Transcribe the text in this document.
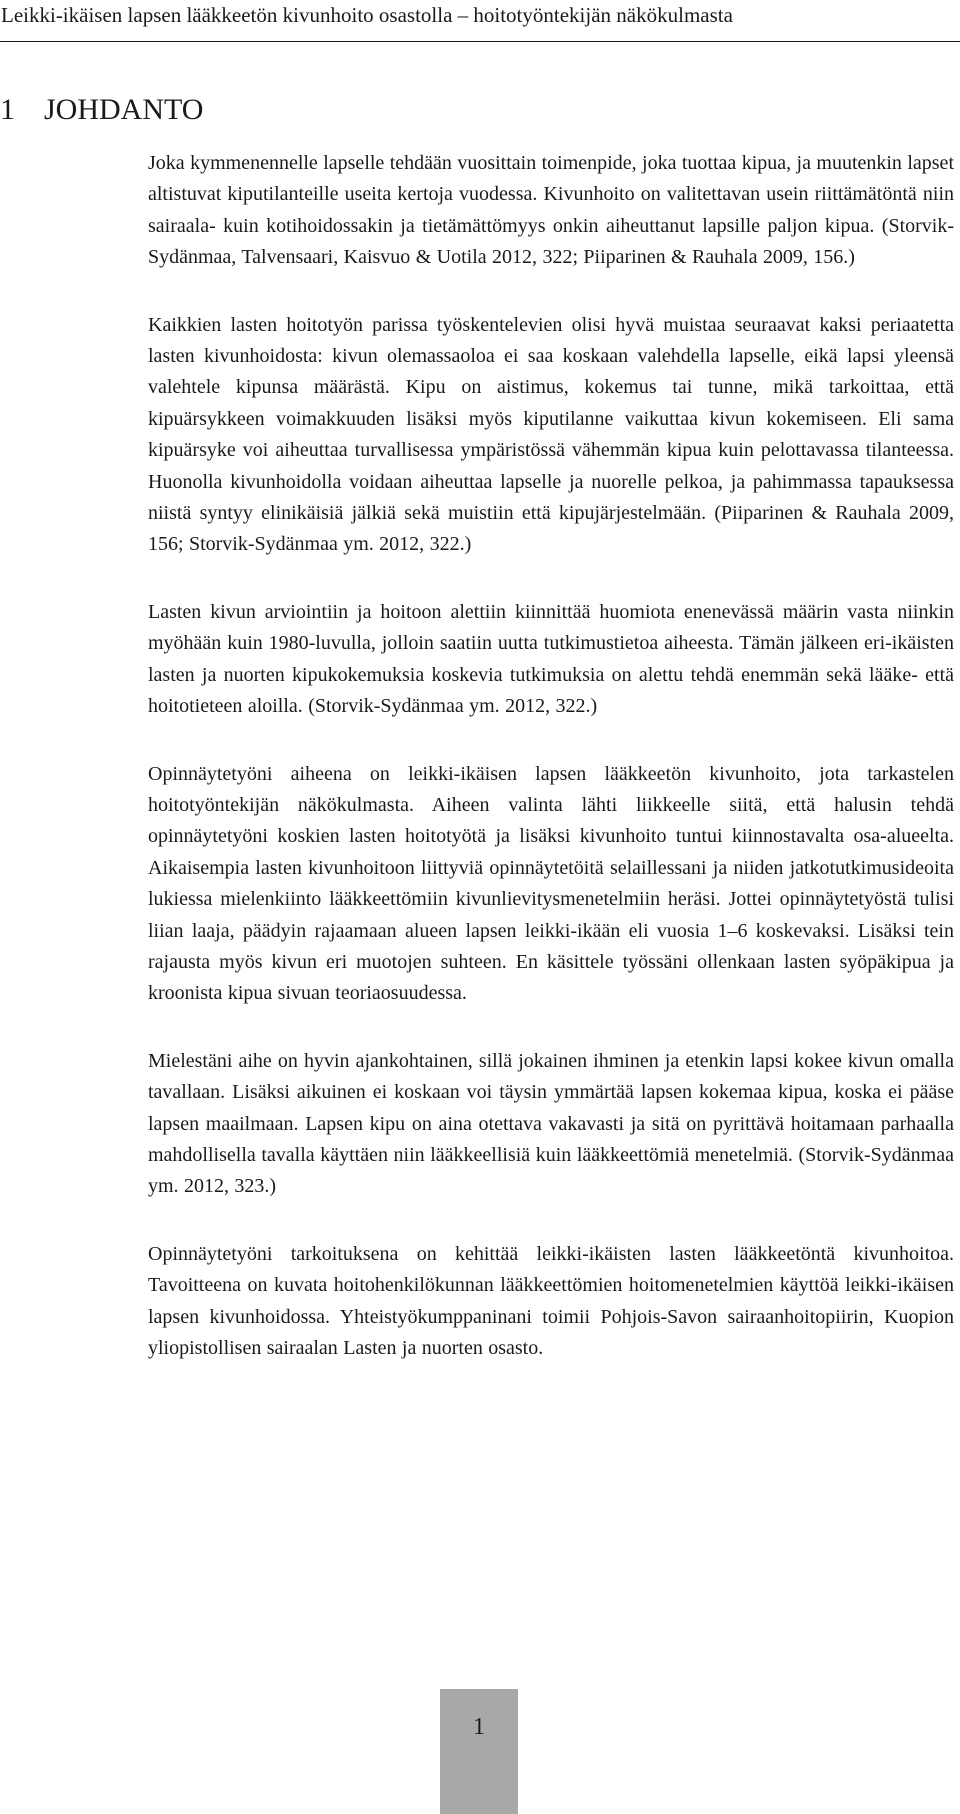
Leikki-ikäisen lapsen lääkkeetön kivunhoito osastolla – hoitotyöntekijän näkökulmasta
1 JOHDANTO

Joka kymmenennelle lapselle tehdään vuosittain toimenpide, joka tuottaa kipua, ja muutenkin lapset altistuvat kiputilanteille useita kertoja vuodessa. Kivunhoito on valitettavan usein riittämätöntä niin sairaala- kuin kotihoidossakin ja tietämättömyys onkin aiheuttanut lapsille paljon kipua. (Storvik-Sydänmaa, Talvensaari, Kaisvuo & Uotila 2012, 322; Piiparinen & Rauhala 2009, 156.)

Kaikkien lasten hoitotyön parissa työskentelevien olisi hyvä muistaa seuraavat kaksi periaatetta lasten kivunhoidosta: kivun olemassaoloa ei saa koskaan valehdella lapselle, eikä lapsi yleensä valehtele kipunsa määrästä. Kipu on aistimus, kokemus tai tunne, mikä tarkoittaa, että kipuärsykkeen voimakkuuden lisäksi myös kiputilanne vaikuttaa kivun kokemiseen. Eli sama kipuärsyke voi aiheuttaa turvallisessa ympäristössä vähemmän kipua kuin pelottavassa tilanteessa. Huonolla kivunhoidolla voidaan aiheuttaa lapselle ja nuorelle pelkoa, ja pahimmassa tapauksessa niistä syntyy elinikäisiä jälkiä sekä muistiin että kipujärjestelmään. (Piiparinen & Rauhala 2009, 156; Storvik-Sydänmaa ym. 2012, 322.)

Lasten kivun arviointiin ja hoitoon alettiin kiinnittää huomiota enenevässä määrin vasta niinkin myöhään kuin 1980-luvulla, jolloin saatiin uutta tutkimustietoa aiheesta. Tämän jälkeen eri-ikäisten lasten ja nuorten kipukokemuksia koskevia tutkimuksia on alettu tehdä enemmän sekä lääke- että hoitotieteen aloilla. (Storvik-Sydänmaa ym. 2012, 322.)

Opinnäytetyöni aiheena on leikki-ikäisen lapsen lääkkeetön kivunhoito, jota tarkastelen hoitotyöntekijän näkökulmasta. Aiheen valinta lähti liikkeelle siitä, että halusin tehdä opinnäytetyöni koskien lasten hoitotyötä ja lisäksi kivunhoito tuntui kiinnostavalta osa-alueelta. Aikaisempia lasten kivunhoitoon liittyviä opinnäytetöitä selaillessani ja niiden jatkotutkimusideoita lukiessa mielenkiinto lääkkeettömiin kivunlievitysmenetelmiin heräsi. Jottei opinnäytetyöstä tulisi liian laaja, päädyin rajaamaan alueen lapsen leikki-ikään eli vuosia 1–6 koskevaksi. Lisäksi tein rajausta myös kivun eri muotojen suhteen. En käsittele työssäni ollenkaan lasten syöpäkipua ja kroonista kipua sivuan teoriaosuudessa.

Mielestäni aihe on hyvin ajankohtainen, sillä jokainen ihminen ja etenkin lapsi kokee kivun omalla tavallaan. Lisäksi aikuinen ei koskaan voi täysin ymmärtää lapsen kokemaa kipua, koska ei pääse lapsen maailmaan. Lapsen kipu on aina otettava vakavasti ja sitä on pyrittävä hoitamaan parhaalla mahdollisella tavalla käyttäen niin lääkkeellisiä kuin lääkkeettömiä menetelmiä. (Storvik-Sydänmaa ym. 2012, 323.)

Opinnäytetyöni tarkoituksena on kehittää leikki-ikäisten lasten lääkkeetöntä kivunhoitoa. Tavoitteena on kuvata hoitohenkilökunnan lääkkeettömien hoitomenetelmien käyttöä leikki-ikäisen lapsen kivunhoidossa. Yhteistyökumppaninani toimii Pohjois-Savon sairaanhoitopiirin, Kuopion yliopistollisen sairaalan Lasten ja nuorten osasto.

1
